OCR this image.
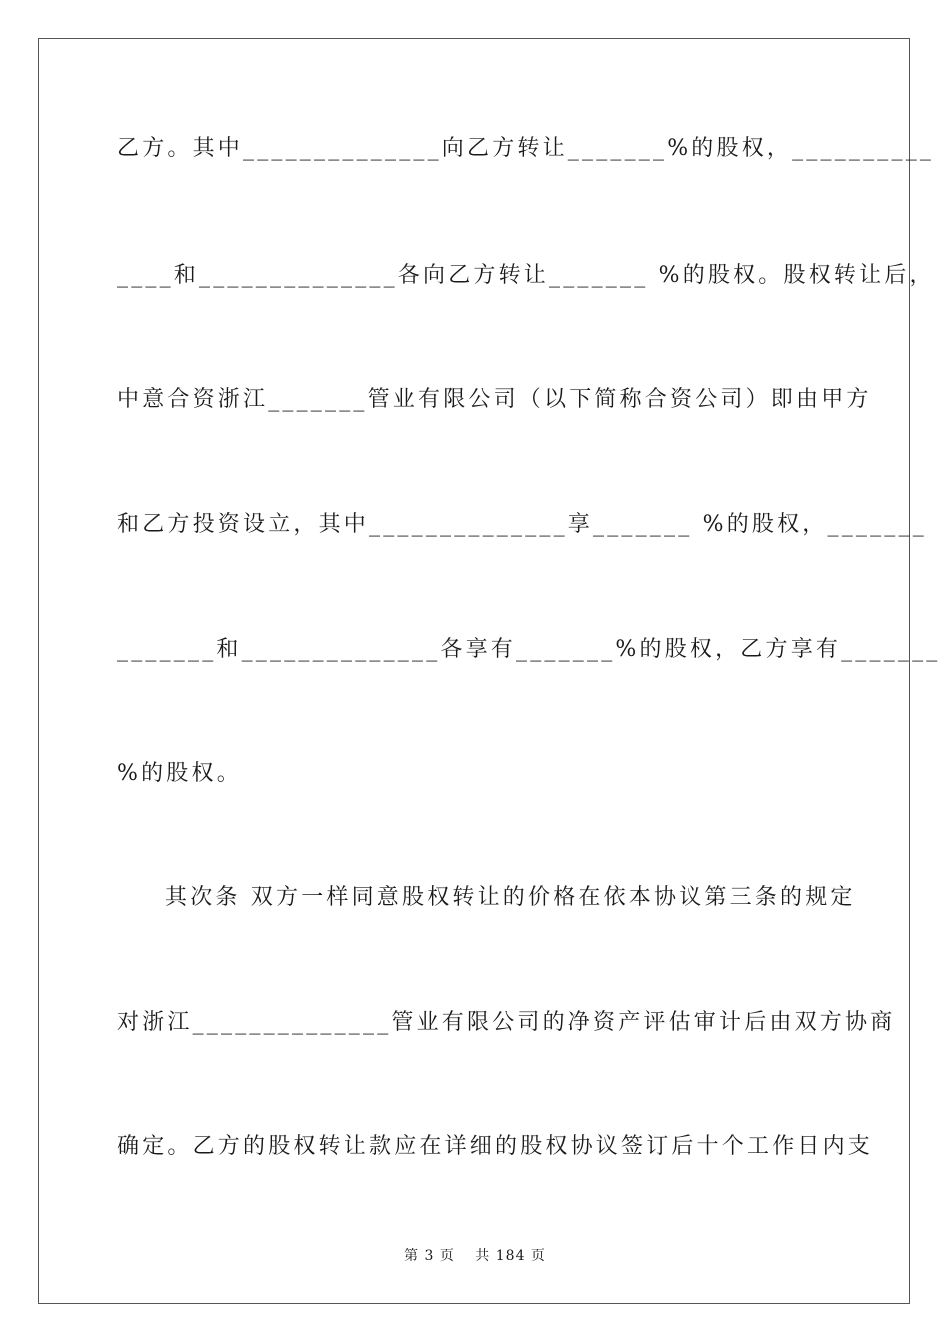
乙方。其中______________向乙方转让_______%的股权，__________
____和______________各向乙方转让_______ %的股权。股权转让后，
中意合资浙江_______管业有限公司（以下简称合资公司）即由甲方
和乙方投资设立，其中______________享_______ %的股权，_______
_______和______________各享有_______%的股权，乙方享有_______
%的股权。
其次条 双方一样同意股权转让的价格在依本协议第三条的规定
对浙江______________管业有限公司的净资产评估审计后由双方协商
确定。乙方的股权转让款应在详细的股权协议签订后十个工作日内支
第 3 页　 共 184 页
